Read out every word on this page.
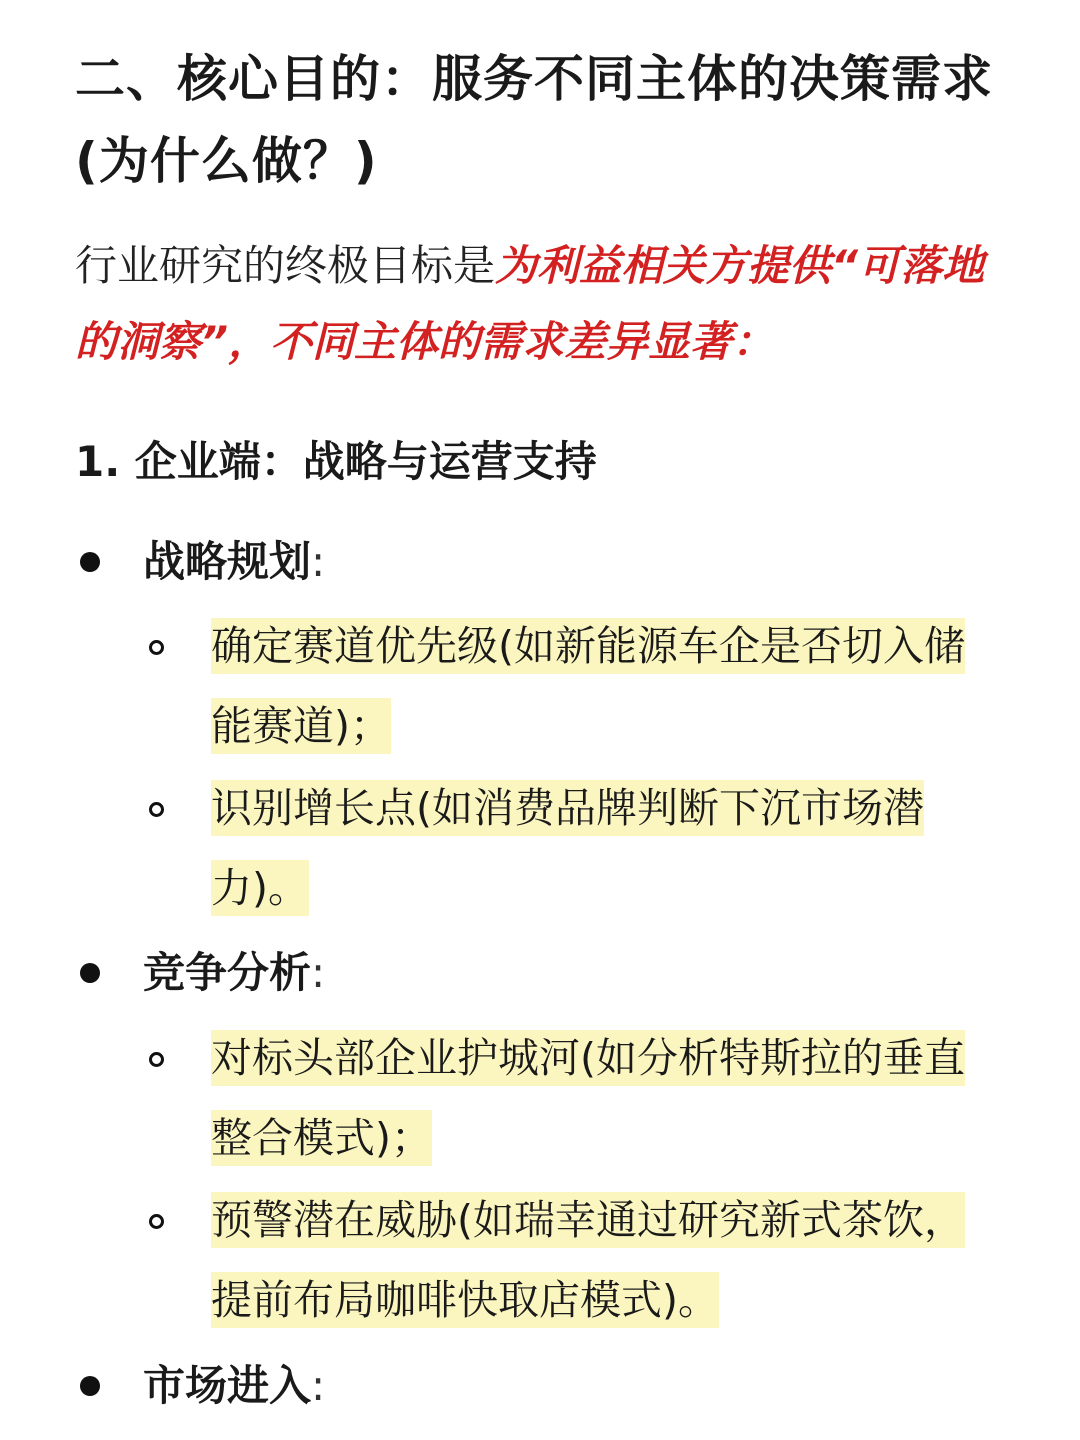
二、核心目的：服务不同主体的决策需求(为什么做？)
行业研究的终极目标是为利益相关方提供“可落地的洞察”，不同主体的需求差异显著：
1. 企业端：战略与运营支持
战略规划:
确定赛道优先级(如新能源车企是否切入储能赛道)；
识别增长点(如消费品牌判断下沉市场潜力)。
竞争分析:
对标头部企业护城河(如分析特斯拉的垂直整合模式)；
预警潜在威胁(如瑞幸通过研究新式茶饮，提前布局咖啡快取店模式)。
市场进入:
